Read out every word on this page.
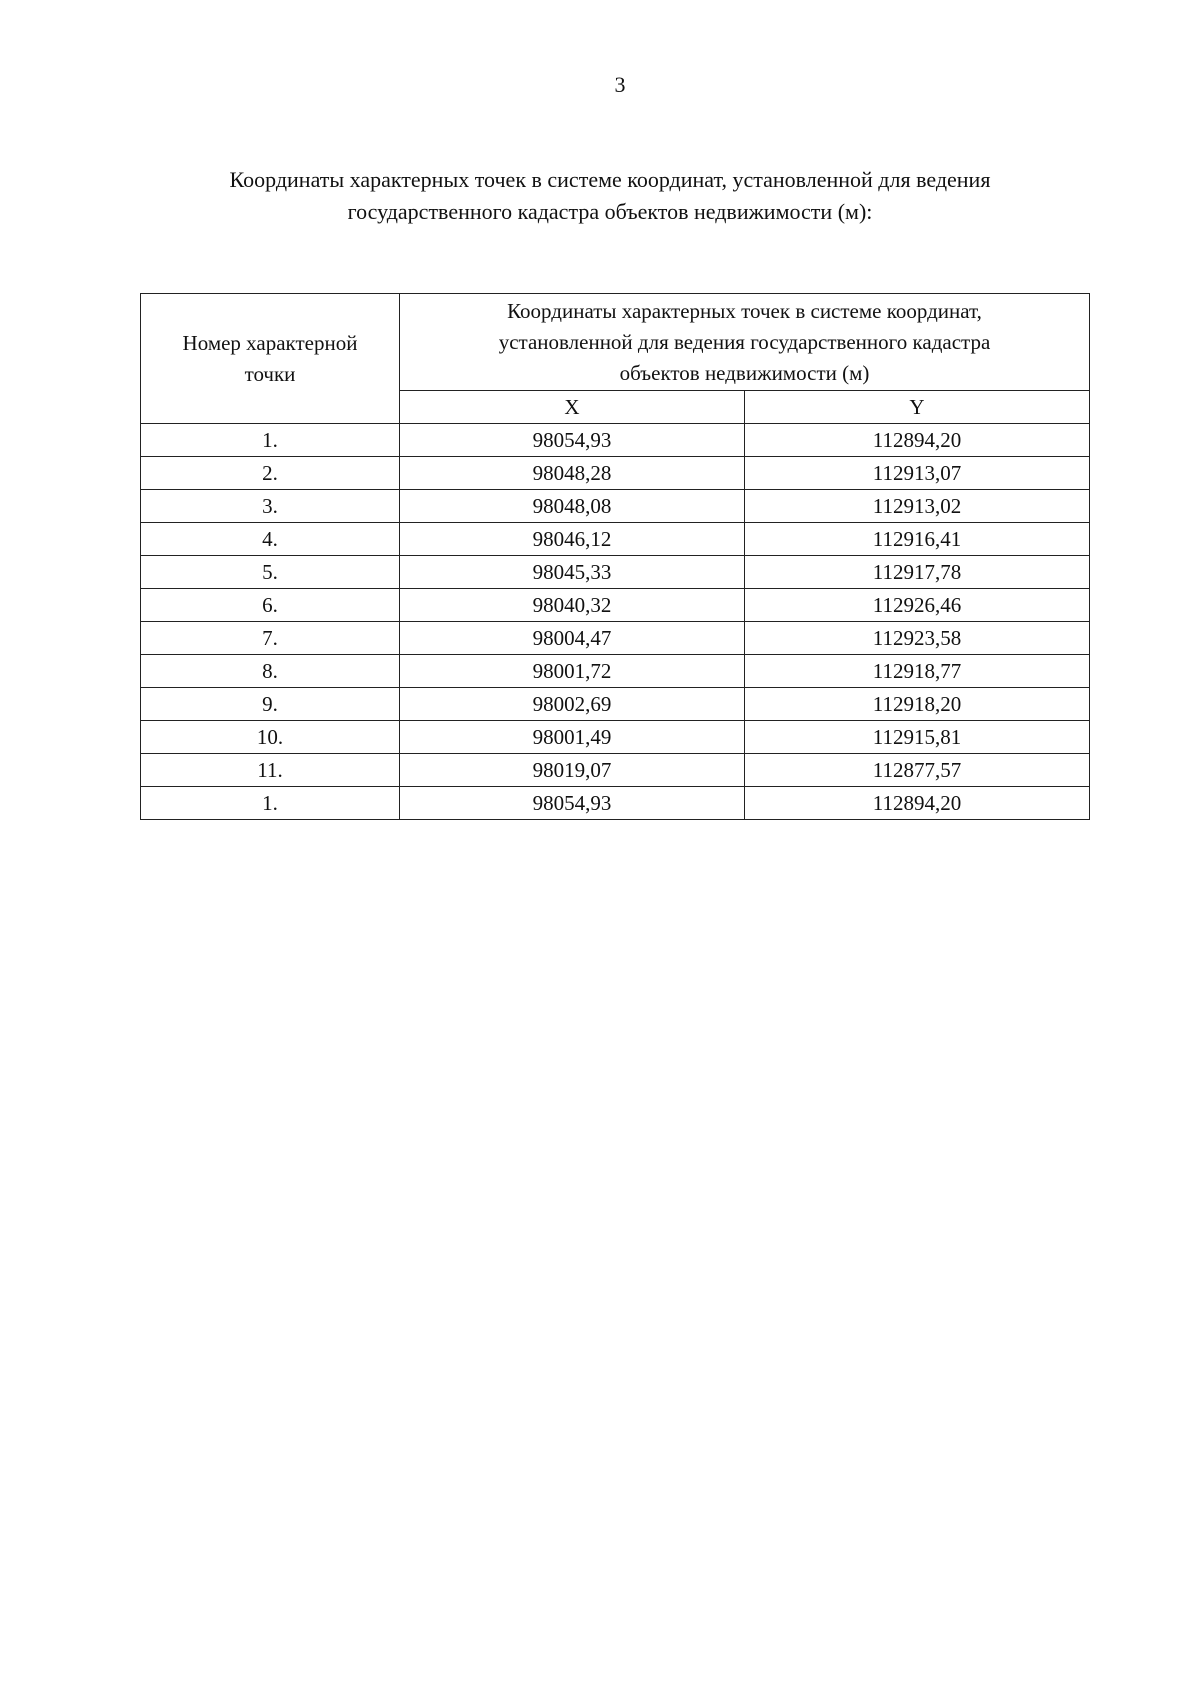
3
Координаты характерных точек в системе координат, установленной для ведения
государственного кадастра объектов недвижимости (м):
Номер характерной
точки	Координаты характерных точек в системе координат,
установленной для ведения государственного кадастра
объектов недвижимости (м)	

	X	Y
1.	98054,93	112894,20
2.	98048,28	112913,07
3.	98048,08	112913,02
4.	98046,12	112916,41
5.	98045,33	112917,78
6.	98040,32	112926,46
7.	98004,47	112923,58
8.	98001,72	112918,77
9.	98002,69	112918,20
10.	98001,49	112915,81
11.	98019,07	112877,57
1.	98054,93	112894,20
